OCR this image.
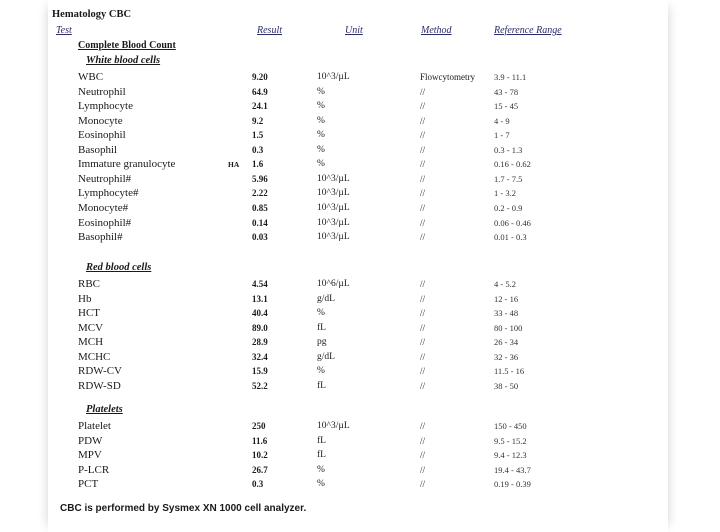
Hematology CBC
Test	Result	Unit	Method	Reference Range
Complete Blood Count
White blood cells
Red blood cells
Platelets
WBC	9.20	10^3/µL	Flowcytometry 3.9 - 11.1
Neutrophil	64.9	%	//	43 - 78
Lymphocyte	24.1	%	//	15 - 45
Monocyte	9.2	%	//	4 - 9
Eosinophil	1.5	%	//	1 - 7
Basophil	0.3	%	//	0.3 - 1.3
Immature granulocyte	HA 1.6	%	//	0.16 - 0.62
Neutrophil#	5.96	10^3/µL	//	1.7 - 7.5
Lymphocyte#	2.22	10^3/µL	//	1 - 3.2
Monocyte#	0.85	10^3/µL	//	0.2 - 0.9
Eosinophil#	0.14	10^3/µL	//	0.06 - 0.46
Basophil#	0.03	10^3/µL	//	0.01 - 0.3
RBC	4.54	10^6/µL	//	4 - 5.2
Hb	13.1	g/dL	//	12 - 16
HCT	40.4	%	//	33 - 48
MCV	89.0	fL	//	80 - 100
MCH	28.9	pg	//	26 - 34
MCHC	32.4	g/dL	//	32 - 36
RDW-CV	15.9	%	//	11.5 - 16
RDW-SD	52.2	fL	//	38 - 50
Platelet	250	10^3/µL	//	150 - 450
PDW	11.6	fL	//	9.5 - 15.2
MPV	10.2	fL	//	9.4 - 12.3
P-LCR	26.7	%	//	19.4 - 43.7
PCT	0.3	%	//	0.19 - 0.39
CBC is performed by Sysmex XN 1000 cell analyzer.
